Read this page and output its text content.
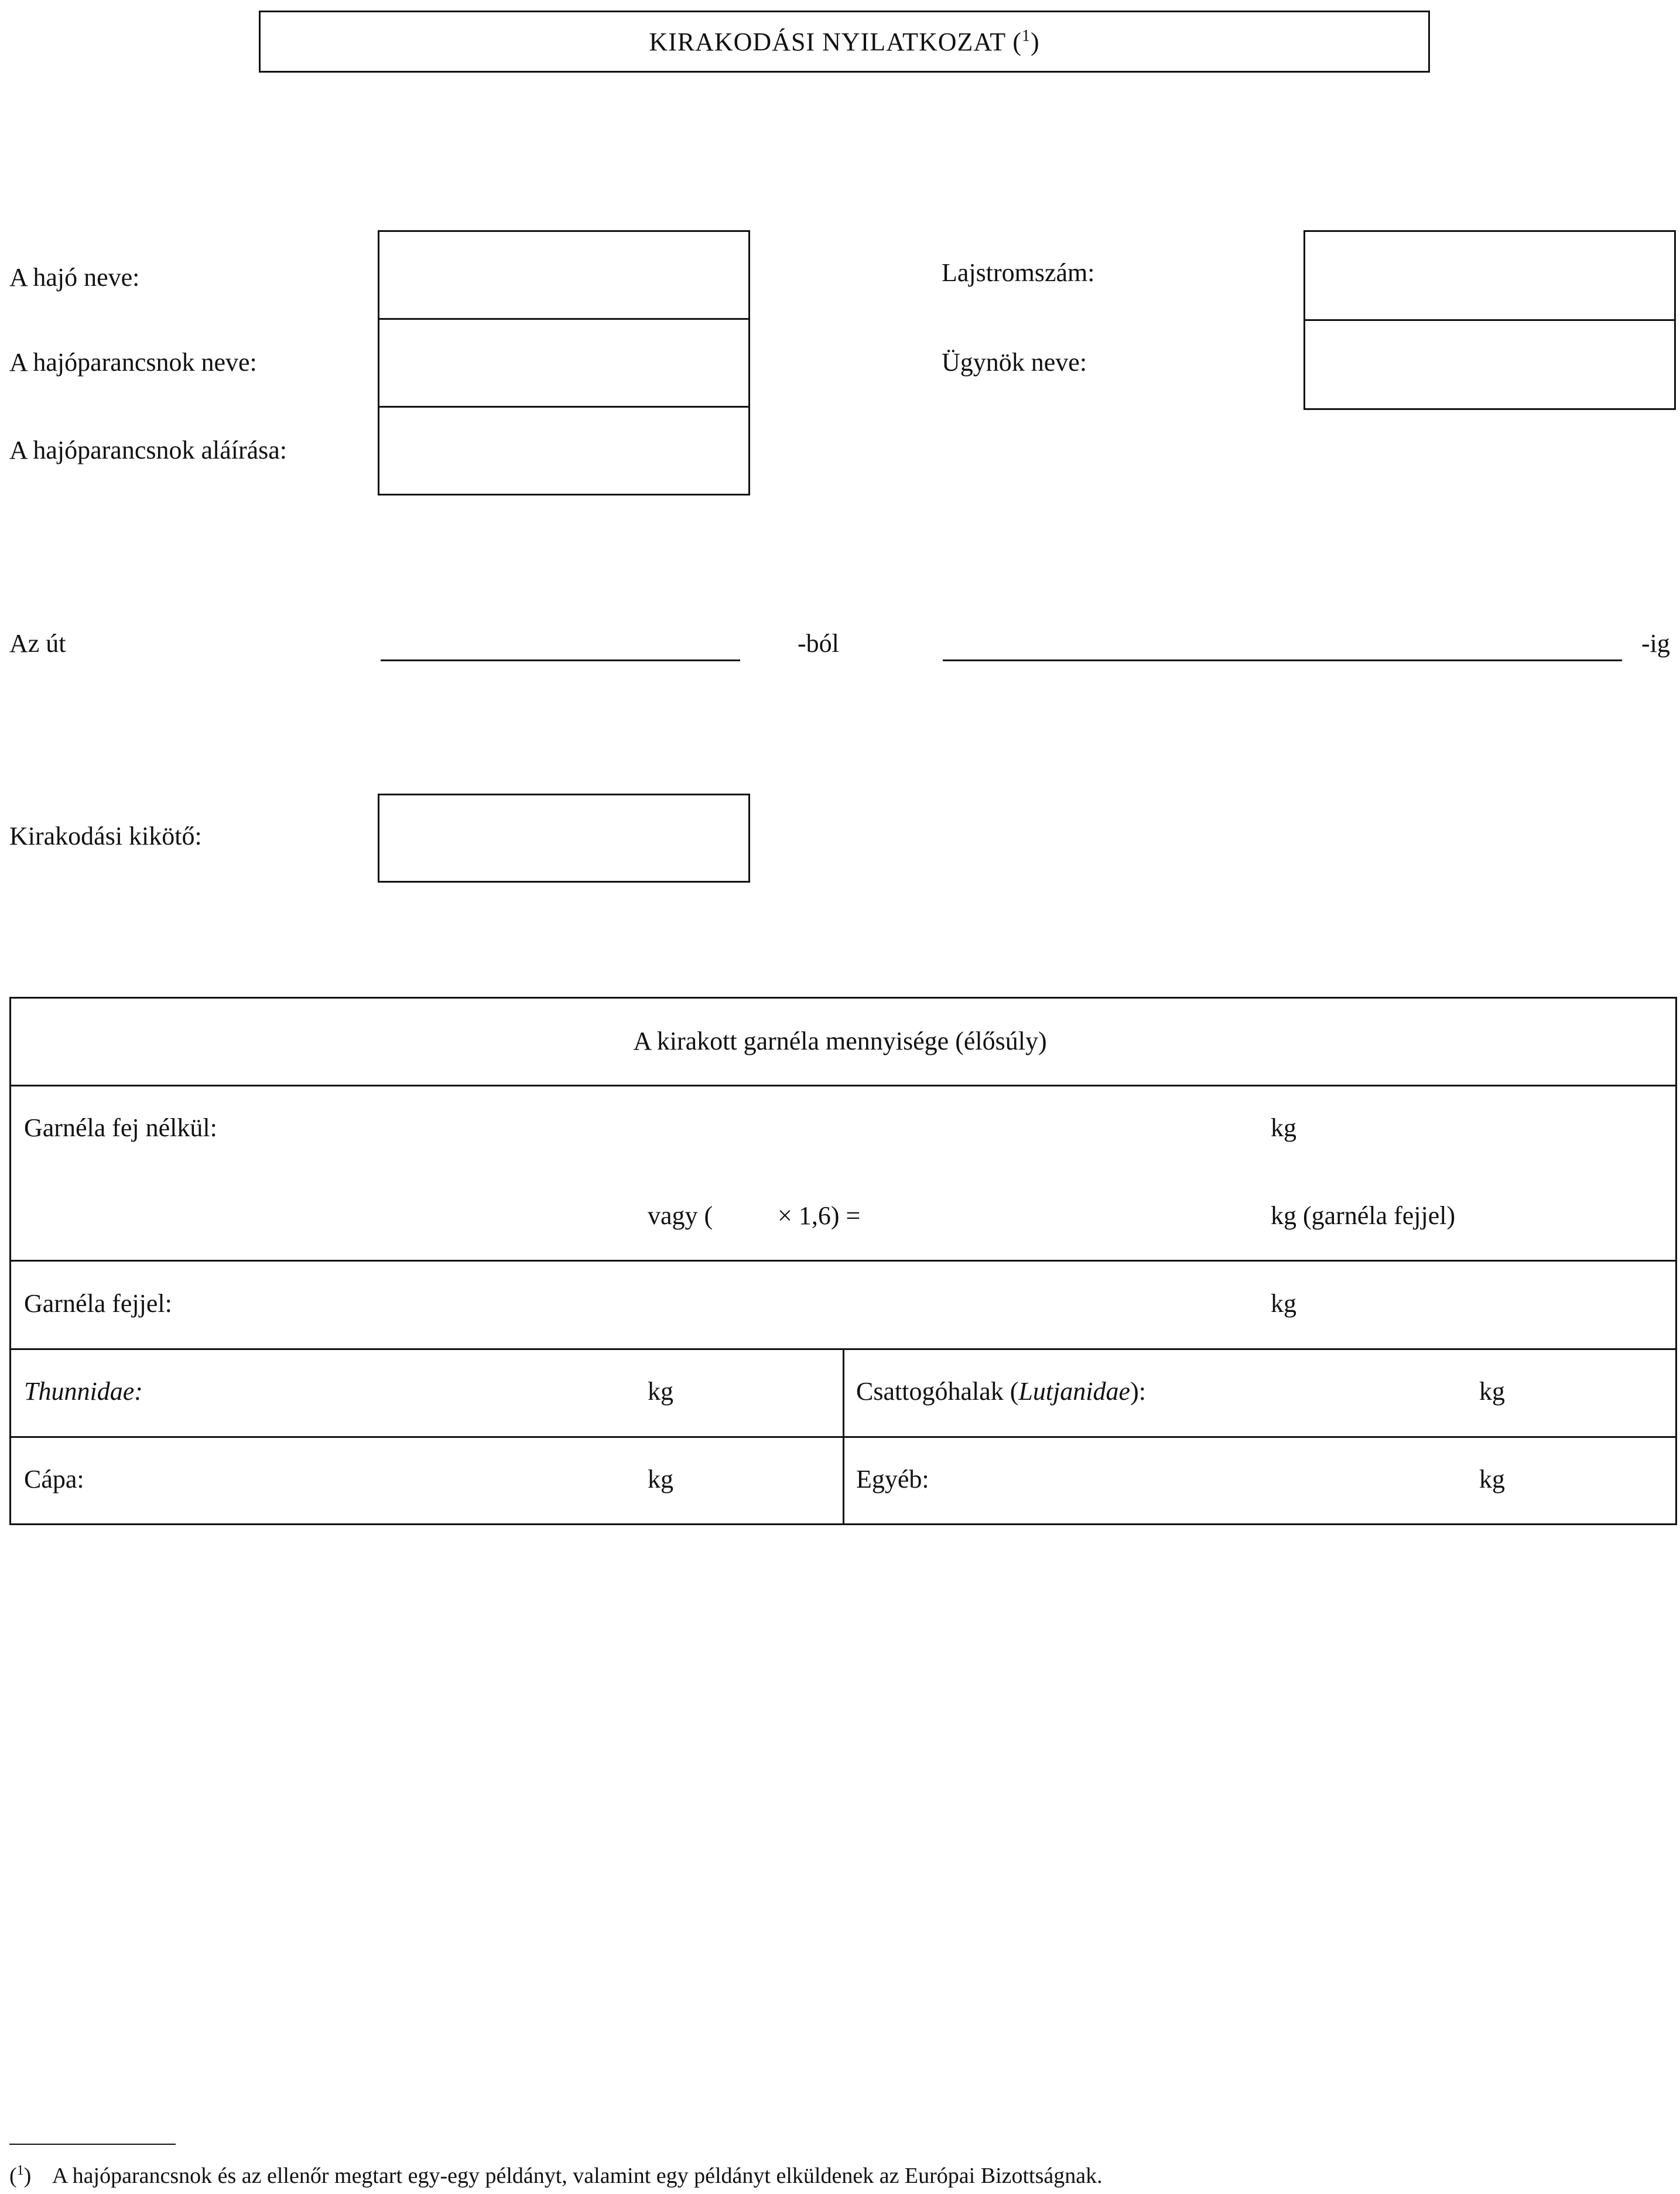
KIRAKODÁSI NYILATKOZAT ($^1$)
A hajó neve:
A hajóparancsnok neve:
A hajóparancsnok aláírása:
Lajstromszám:
Ügynök neve:
Az út	-ból	-ig
Kirakodási kikötő:
A kirakott garnéla mennyisége (élősúly)
Garnéla fej nélkül:	kg
vagy (	× 1,6) =	kg (garnéla fejjel)
Garnéla fejjel:	kg
Thunnidae:	kg	Csattogóhalak (Lutjanidae):	kg
Cápa:	kg	Egyéb:	kg
($^1$) A hajóparancsnok és az ellenőr megtart egy-egy példányt, valamint egy példányt elküldenek az Európai Bizottságnak.
